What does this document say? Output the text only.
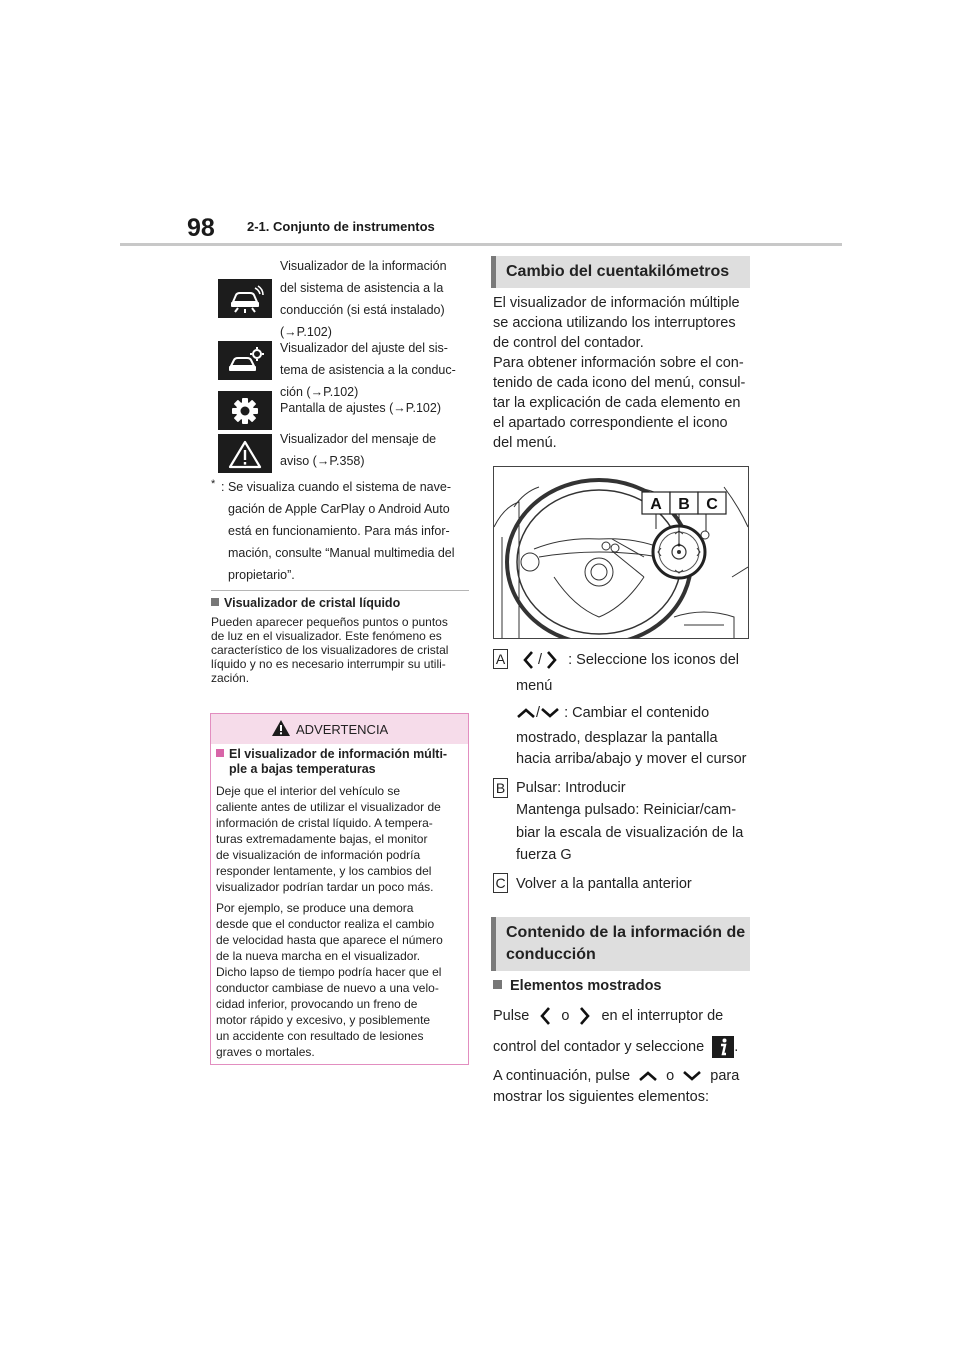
98 2-1. Conjunto de instrumentos
Visualizador de la información
del sistema de asistencia a la
conducción (si está instalado)
(→P.102)
Visualizador del ajuste del sis-
tema de asistencia a la conduc-
ción (→P.102)
Pantalla de ajustes (→P.102)
Visualizador del mensaje de
aviso (→P.358)
* : Se visualiza cuando el sistema de nave-
gación de Apple CarPlay o Android Auto
está en funcionamiento. Para más infor-
mación, consulte “Manual multimedia del
propietario”.
Visualizador de cristal líquido
Pueden aparecer pequeños puntos o puntos
de luz en el visualizador. Este fenómeno es
característico de los visualizadores de cristal
líquido y no es necesario interrumpir su utili-
zación.
ADVERTENCIA
El visualizador de información múlti-
ple a bajas temperaturas
Deje que el interior del vehículo se
caliente antes de utilizar el visualizador de
información de cristal líquido. A tempera-
turas extremadamente bajas, el monitor
de visualización de información podría
responder lentamente, y los cambios del
visualizador podrían tardar un poco más.
Por ejemplo, se produce una demora
desde que el conductor realiza el cambio
de velocidad hasta que aparece el número
de la nueva marcha en el visualizador.
Dicho lapso de tiempo podría hacer que el
conductor cambiase de nuevo a una velo-
cidad inferior, provocando un freno de
motor rápido y excesivo, y posiblemente
un accidente con resultado de lesiones
graves o mortales.
Cambio del cuentakilómetros
El visualizador de información múltiple
se acciona utilizando los interruptores
de control del contador.
Para obtener información sobre el con-
tenido de cada icono del menú, consul-
tar la explicación de cada elemento en
el apartado correspondiente el icono
del menú.
A B C
A	/ : Seleccione los iconos del
menú
/ : Cambiar el contenido
mostrado, desplazar la pantalla
hacia arriba/abajo y mover el cursor
B Pulsar: Introducir
Mantenga pulsado: Reiniciar/cam-
biar la escala de visualización de la
fuerza G
C Volver a la pantalla anterior
Contenido de la información de
conducción
Elementos mostrados
Pulse o en el interruptor de
control del contador y seleccione .
A continuación, pulse o para
mostrar los siguientes elementos:
